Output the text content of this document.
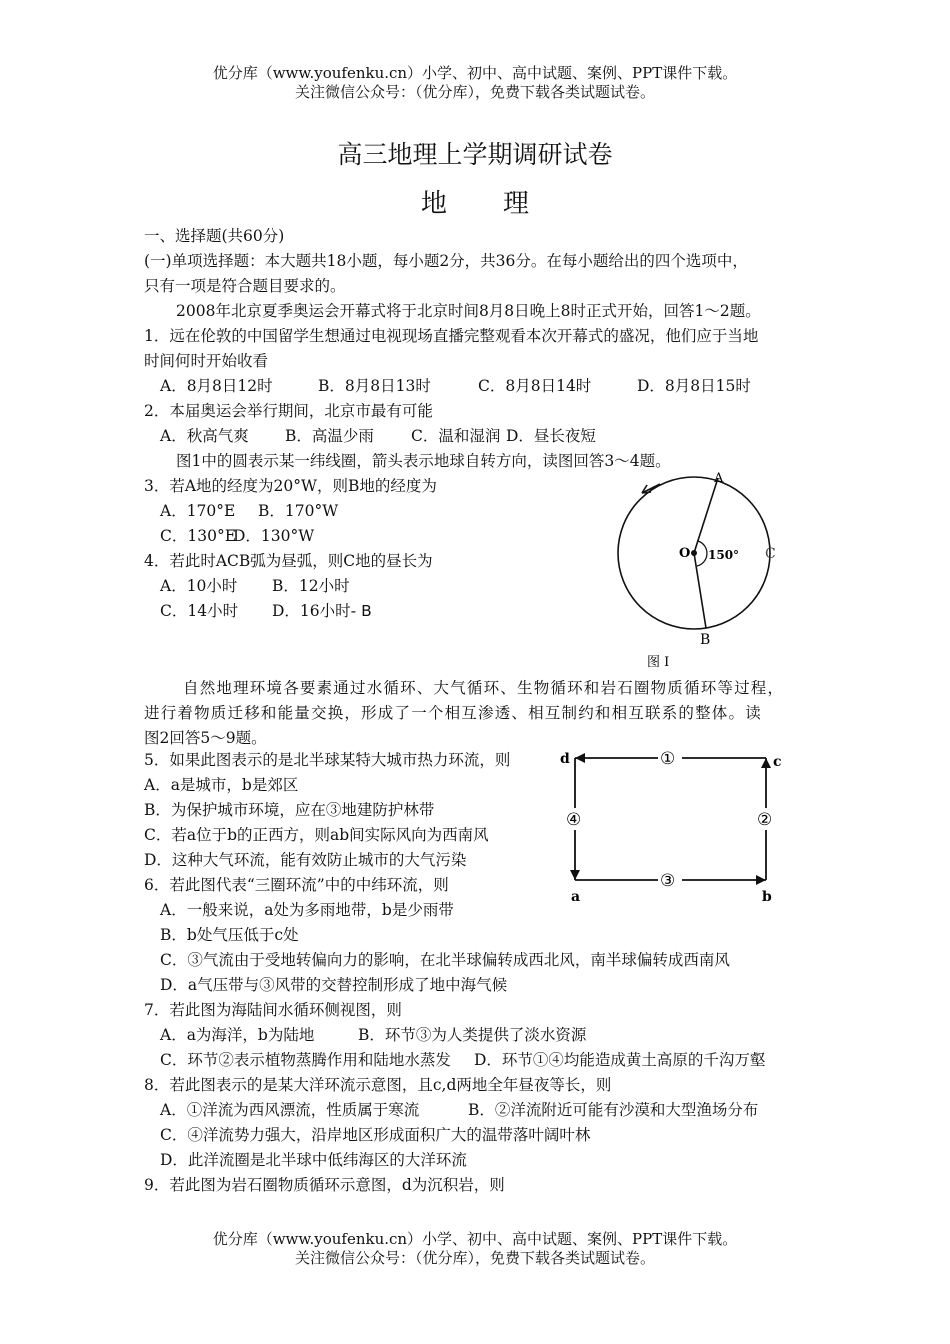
优分库（www.youfenku.cn）小学、初中、高中试题、案例、PPT课件下载。
关注微信公众号：（优分库），免费下载各类试题试卷。
高三地理上学期调研试卷
地 理
一、选择题(共60分)
(一)单项选择题：本大题共18小题，每小题2分，共36分。在每小题给出的四个选项中，
只有一项是符合题目要求的。
2008年北京夏季奥运会开幕式将于北京时间8月8日晚上8时正式开始，回答1～2题。
1．远在伦敦的中国留学生想通过电视现场直播完整观看本次开幕式的盛况，他们应于当地
时间何时开始收看
A．8月8日12时	B．8月8日13时	C．8月8日14时	D．8月8日15时
2．本届奥运会举行期间，北京市最有可能
A．秋高气爽 B．高温少雨 C．温和湿润 D．昼长夜短
图1中的圆表示某一纬线圈，箭头表示地球自转方向，读图回答3～4题。
3．若A地的经度为20°W，则B地的经度为
A．170°E B．170°W
C．130°E
D．130°W
4．若此时ACB弧为昼弧，则C地的昼长为
A．10小时 B．12小时
C．14小时 D．16小时- B
A
B
C
O 150°
图 I
自然地理环境各要素通过水循环、大气循环、生物循环和岩石圈物质循环等过程，
进行着物质迁移和能量交换，形成了一个相互渗透、相互制约和相互联系的整体。读
图2回答5～9题。
①
②
③
④
d	c
a	b
5．如果此图表示的是北半球某特大城市热力环流，则
A．a是城市，b是郊区
B．为保护城市环境，应在③地建防护林带
C．若a位于b的正西方，则ab间实际风向为西南风
D．这种大气环流，能有效防止城市的大气污染
6．若此图代表“三圈环流”中的中纬环流，则
A．一般来说，a处为多雨地带，b是少雨带
B．b处气压低于c处
C．③气流由于受地转偏向力的影响，在北半球偏转成西北风，南半球偏转成西南风
D．a气压带与③风带的交替控制形成了地中海气候
7．若此图为海陆间水循环侧视图，则
A．a为海洋，b为陆地	B．环节③为人类提供了淡水资源
C．环节②表示植物蒸腾作用和陆地水蒸发 D．环节①④均能造成黄土高原的千沟万壑
8．若此图表示的是某大洋环流示意图，且c,d两地全年昼夜等长，则
A．①洋流为西风漂流，性质属于寒流	B．②洋流附近可能有沙漠和大型渔场分布
C．④洋流势力强大，沿岸地区形成面积广大的温带落叶阔叶林
D．此洋流圈是北半球中低纬海区的大洋环流
9．若此图为岩石圈物质循环示意图，d为沉积岩，则
优分库（www.youfenku.cn）小学、初中、高中试题、案例、PPT课件下载。
关注微信公众号：（优分库），免费下载各类试题试卷。
